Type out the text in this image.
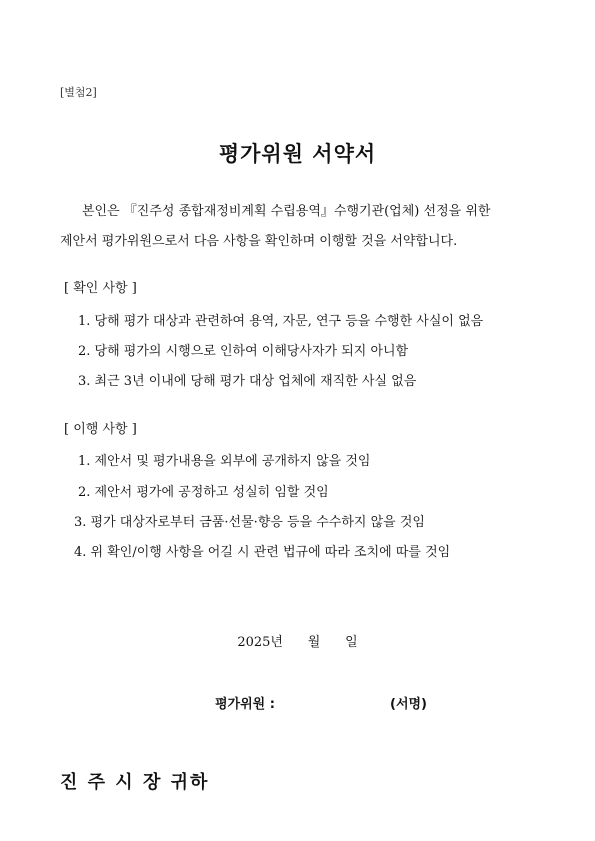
[별첨2]
평가위원 서약서
본인은 『진주성 종합재정비계획 수립용역』수행기관(업체) 선정을 위한
제안서 평가위원으로서 다음 사항을 확인하며 이행할 것을 서약합니다.
[ 확인 사항 ]
1. 당해 평가 대상과 관련하여 용역, 자문, 연구 등을 수행한 사실이 없음
2. 당해 평가의 시행으로 인하여 이해당사자가 되지 아니함
3. 최근 3년 이내에 당해 평가 대상 업체에 재직한 사실 없음
[ 이행 사항 ]
1. 제안서 및 평가내용을 외부에 공개하지 않을 것임
2. 제안서 평가에 공정하고 성실히 임할 것임
3. 평가 대상자로부터 금품·선물·향응 등을 수수하지 않을 것임
4. 위 확인/이행 사항을 어길 시 관련 법규에 따라 조치에 따를 것임
2025년      월      일
평가위원 :	(서명)
진 주 시 장 귀하
